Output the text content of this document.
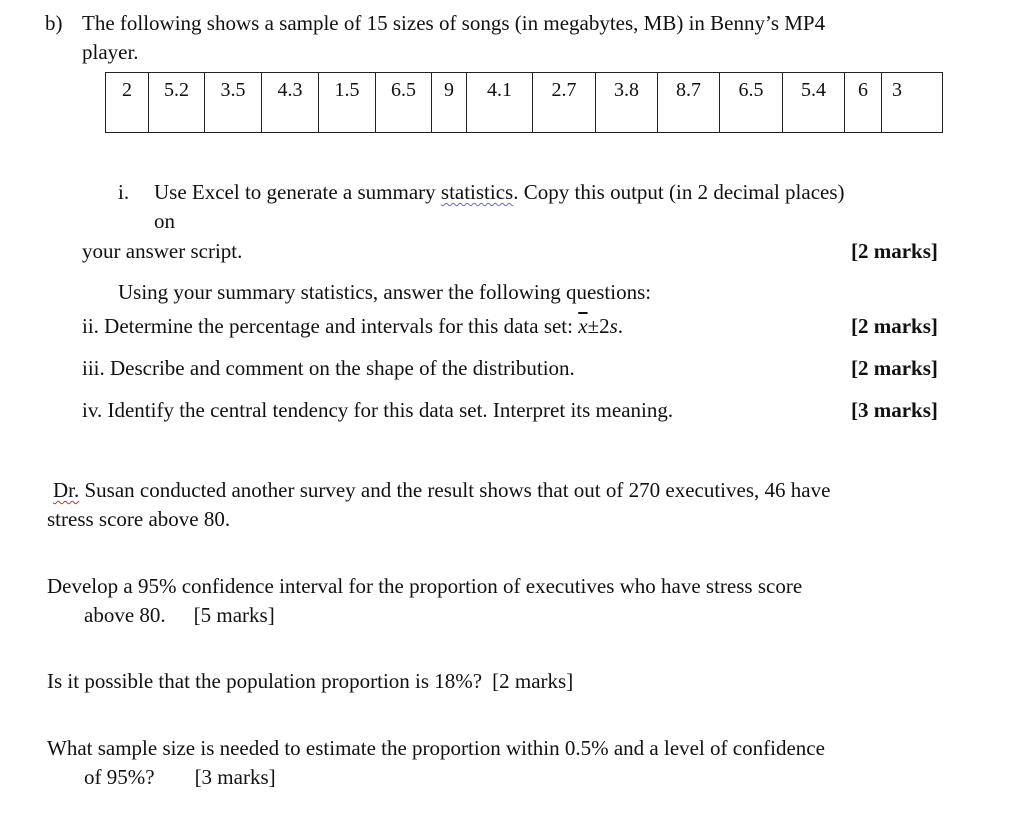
b) The following shows a sample of 15 sizes of songs (in megabytes, MB) in Benny’s MP4
player.
2	5.2	3.5	4.3	1.5	6.5	9	4.1	2.7	3.8	8.7	6.5	5.4	6	3
i. Use Excel to generate a summary statistics. Copy this output (in 2 decimal places)
on
your answer script.	[2 marks]
Using your summary statistics, answer the following questions:
ii. Determine the percentage and intervals for this data set: $\overline{x}\pm 2s$.	[2 marks]
iii. Describe and comment on the shape of the distribution.	[2 marks]
iv. Identify the central tendency for this data set. Interpret its meaning.	[3 marks]
Dr. Susan conducted another survey and the result shows that out of 270 executives, 46 have
stress score above 80.
Develop a 95% confidence interval for the proportion of executives who have stress score
above 80. [5 marks]
Is it possible that the population proportion is 18%? [2 marks]
What sample size is needed to estimate the proportion within 0.5% and a level of confidence
of 95%? [3 marks]
